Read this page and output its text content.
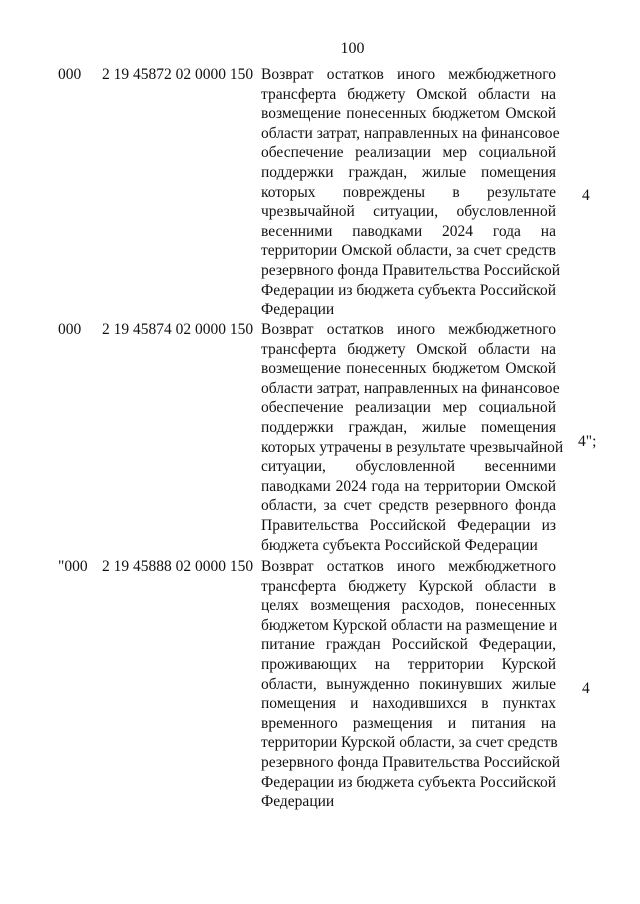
100
000 2 19 45872 02 0000 150 Возврат остатков иного межбюджетного
трансферта бюджету Омской области на
возмещение понесенных бюджетом Омской
области затрат, направленных на финансовое
обеспечение реализации мер социальной
поддержки граждан, жилые помещения
которых повреждены в результате
чрезвычайной ситуации, обусловленной
весенними паводками 2024 года на
территории Омской области, за счет средств
резервного фонда Правительства Российской
Федерации из бюджета субъекта Российской
Федерации
4
000 2 19 45874 02 0000 150 Возврат остатков иного межбюджетного
трансферта бюджету Омской области на
возмещение понесенных бюджетом Омской
области затрат, направленных на финансовое
обеспечение реализации мер социальной
поддержки граждан, жилые помещения
которых утрачены в результате чрезвычайной
ситуации, обусловленной весенними
паводками 2024 года на территории Омской
области, за счет средств резервного фонда
Правительства Российской Федерации из
бюджета субъекта Российской Федерации
4";
"000 2 19 45888 02 0000 150 Возврат остатков иного межбюджетного
трансферта бюджету Курской области в
целях возмещения расходов, понесенных
бюджетом Курской области на размещение и
питание граждан Российской Федерации,
проживающих на территории Курской
области, вынужденно покинувших жилые
помещения и находившихся в пунктах
временного размещения и питания на
территории Курской области, за счет средств
резервного фонда Правительства Российской
Федерации из бюджета субъекта Российской
Федерации
4
